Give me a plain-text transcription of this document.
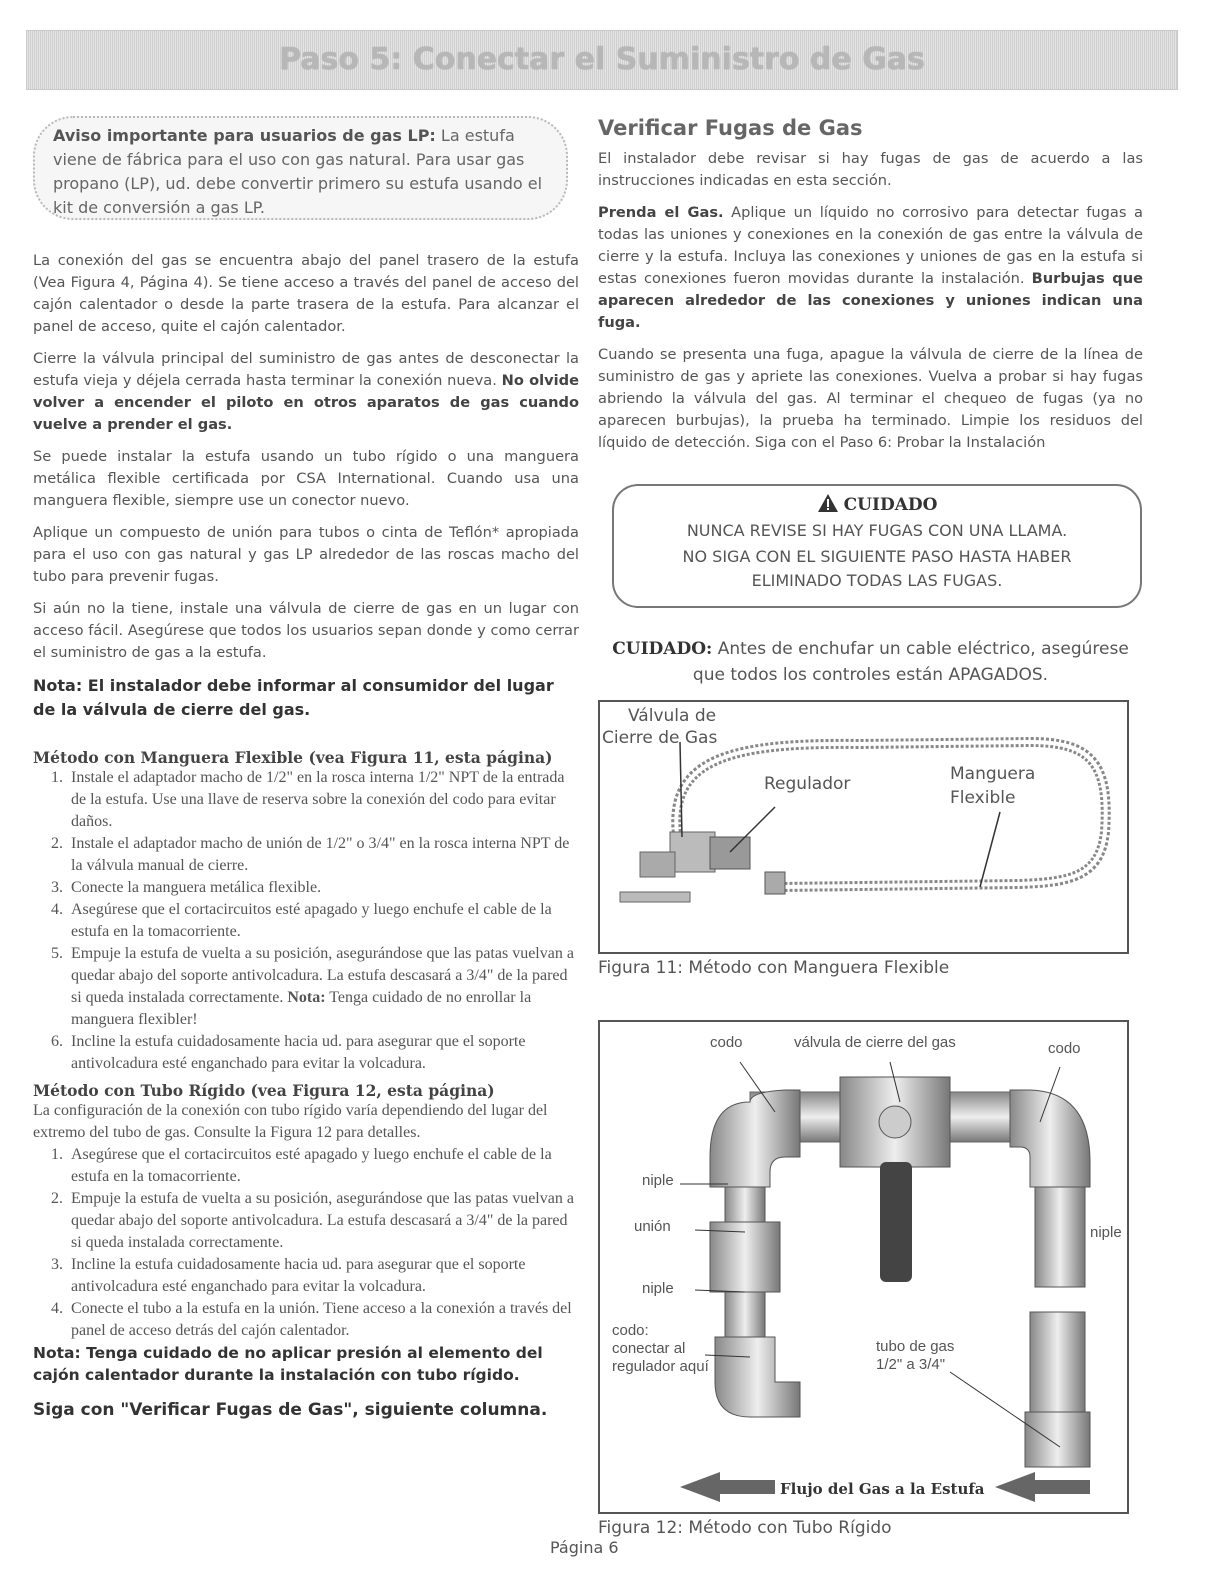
Paso 5: Conectar el Suministro de Gas
Aviso importante para usuarios de gas LP: La estufa viene de fábrica para el uso con gas natural. Para usar gas propano (LP), ud. debe convertir primero su estufa usando el kit de conversión a gas LP.

La conexión del gas se encuentra abajo del panel trasero de la estufa (Vea Figura 4, Página 4). Se tiene acceso a través del panel de acceso del cajón calentador o desde la parte trasera de la estufa. Para alcanzar el panel de acceso, quite el cajón calentador.

Cierre la válvula principal del suministro de gas antes de desconectar la estufa vieja y déjela cerrada hasta terminar la conexión nueva. No olvide volver a encender el piloto en otros aparatos de gas cuando vuelve a prender el gas.

Se puede instalar la estufa usando un tubo rígido o una manguera metálica flexible certificada por CSA International. Cuando usa una manguera flexible, siempre use un conector nuevo.

Aplique un compuesto de unión para tubos o cinta de Teflón* apropiada para el uso con gas natural y gas LP alrededor de las roscas macho del tubo para prevenir fugas.

Si aún no la tiene, instale una válvula de cierre de gas en un lugar con acceso fácil. Asegúrese que todos los usuarios sepan donde y como cerrar el suministro de gas a la estufa.

Nota: El instalador debe informar al consumidor del lugar de la válvula de cierre del gas.

Método con Manguera Flexible (vea Figura 11, esta página)

1. Instale el adaptador macho de 1/2" en la rosca interna 1/2" NPT de la entrada de la estufa. Use una llave de reserva sobre la conexión del codo para evitar daños.
2. Instale el adaptador macho de unión de 1/2" o 3/4" en la rosca interna NPT de la válvula manual de cierre.
3. Conecte la manguera metálica flexible.
4. Asegúrese que el cortacircuitos esté apagado y luego enchufe el cable de la estufa en la tomacorriente.
5. Empuje la estufa de vuelta a su posición, asegurándose que las patas vuelvan a quedar abajo del soporte antivolcadura. La estufa descasará a 3/4" de la pared si queda instalada correctamente. Nota: Tenga cuidado de no enrollar la manguera flexibler!
6. Incline la estufa cuidadosamente hacia ud. para asegurar que el soporte antivolcadura esté enganchado para evitar la volcadura.

Método con Tubo Rígido (vea Figura 12, esta página)

La configuración de la conexión con tubo rígido varía dependiendo del lugar del extremo del tubo de gas. Consulte la Figura 12 para detalles.

1. Asegúrese que el cortacircuitos esté apagado y luego enchufe el cable de la estufa en la tomacorriente.
2. Empuje la estufa de vuelta a su posición, asegurándose que las patas vuelvan a quedar abajo del soporte antivolcadura. La estufa descasará a 3/4" de la pared si queda instalada correctamente.
3. Incline la estufa cuidadosamente hacia ud. para asegurar que el soporte antivolcadura esté enganchado para evitar la volcadura.
4. Conecte el tubo a la estufa en la unión. Tiene acceso a la conexión a través del panel de acceso detrás del cajón calentador.

Nota: Tenga cuidado de no aplicar presión al elemento del cajón calentador durante la instalación con tubo rígido.

Siga con "Verificar Fugas de Gas", siguiente columna.

Verificar Fugas de Gas

El instalador debe revisar si hay fugas de gas de acuerdo a las instrucciones indicadas en esta sección.

Prenda el Gas. Aplique un líquido no corrosivo para detectar fugas a todas las uniones y conexiones en la conexión de gas entre la válvula de cierre y la estufa. Incluya las conexiones y uniones de gas en la estufa si estas conexiones fueron movidas durante la instalación. Burbujas que aparecen alrededor de las conexiones y uniones indican una fuga.

Cuando se presenta una fuga, apague la válvula de cierre de la línea de suministro de gas y apriete las conexiones. Vuelva a probar si hay fugas abriendo la válvula del gas. Al terminar el chequeo de fugas (ya no aparecen burbujas), la prueba ha terminado. Limpie los residuos del líquido de detección. Siga con el Paso 6: Probar la Instalación

CUIDADO
NUNCA REVISE SI HAY FUGAS CON UNA LLAMA.
NO SIGA CON EL SIGUIENTE PASO HASTA HABER
ELIMINADO TODAS LAS FUGAS.

CUIDADO: Antes de enchufar un cable eléctrico, asegúrese que todos los controles están APAGADOS.

Válvula de
Cierre de Gas
Regulador	Manguera
Flexible

Figura 11: Método con Manguera Flexible

codo	válvula de cierre del gas	codo
niple
unión
niple
niple
codo:
conectar al
regulador aquí
tubo de gas
1/2" a 3/4"
Flujo del Gas a la Estufa

Figura 12: Método con Tubo Rígido

Página 6
